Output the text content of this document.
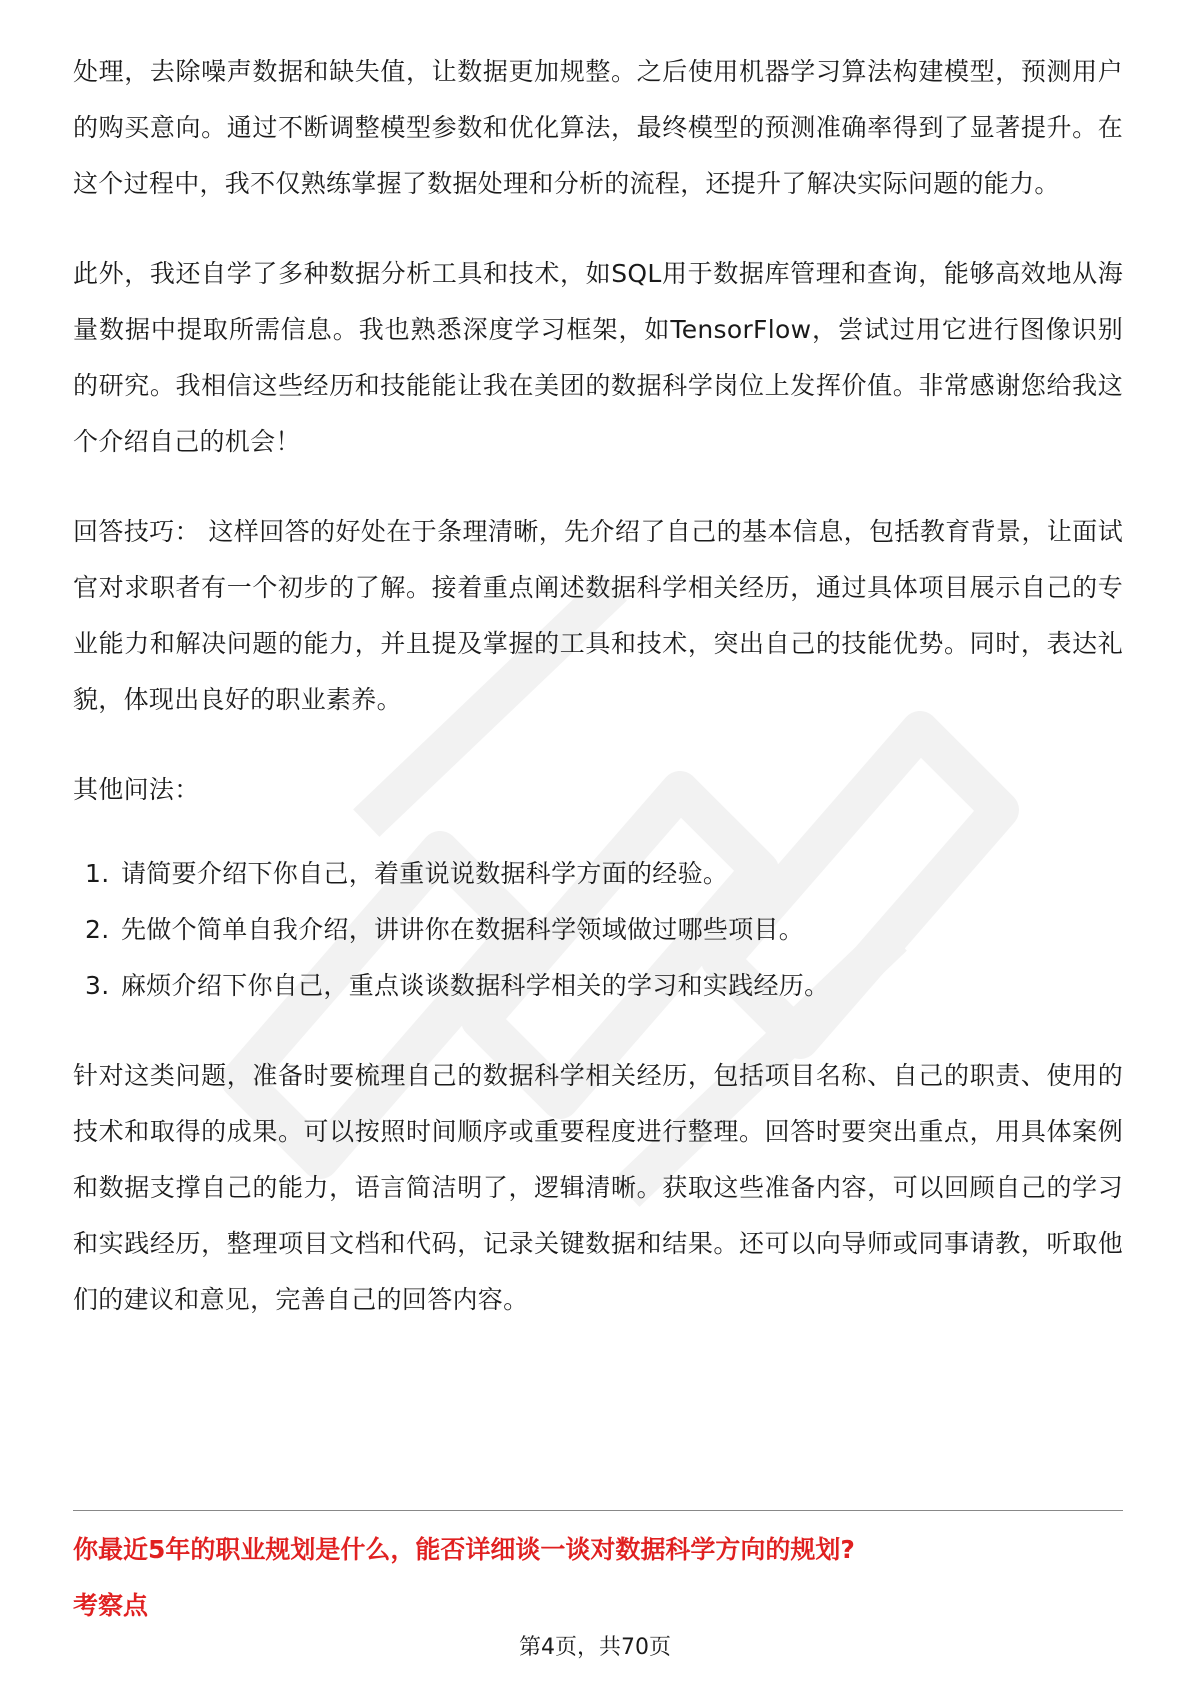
处理，去除噪声数据和缺失值，让数据更加规整。之后使用机器学习算法构建模型，预测用户的购买意向。通过不断调整模型参数和优化算法，最终模型的预测准确率得到了显著提升。在这个过程中，我不仅熟练掌握了数据处理和分析的流程，还提升了解决实际问题的能力。

此外，我还自学了多种数据分析工具和技术，如SQL用于数据库管理和查询，能够高效地从海量数据中提取所需信息。我也熟悉深度学习框架，如TensorFlow，尝试过用它进行图像识别的研究。我相信这些经历和技能能让我在美团的数据科学岗位上发挥价值。非常感谢您给我这个介绍自己的机会！

回答技巧： 这样回答的好处在于条理清晰，先介绍了自己的基本信息，包括教育背景，让面试官对求职者有一个初步的了解。接着重点阐述数据科学相关经历，通过具体项目展示自己的专业能力和解决问题的能力，并且提及掌握的工具和技术，突出自己的技能优势。同时，表达礼貌，体现出良好的职业素养。

其他问法：

1. 请简要介绍下你自己，着重说说数据科学方面的经验。
2. 先做个简单自我介绍，讲讲你在数据科学领域做过哪些项目。
3. 麻烦介绍下你自己，重点谈谈数据科学相关的学习和实践经历。

针对这类问题，准备时要梳理自己的数据科学相关经历，包括项目名称、自己的职责、使用的技术和取得的成果。可以按照时间顺序或重要程度进行整理。回答时要突出重点，用具体案例和数据支撑自己的能力，语言简洁明了，逻辑清晰。获取这些准备内容，可以回顾自己的学习和实践经历，整理项目文档和代码，记录关键数据和结果。还可以向导师或同事请教，听取他们的建议和意见，完善自己的回答内容。

你最近5年的职业规划是什么，能否详细谈一谈对数据科学方向的规划?
考察点
第4页，共70页
